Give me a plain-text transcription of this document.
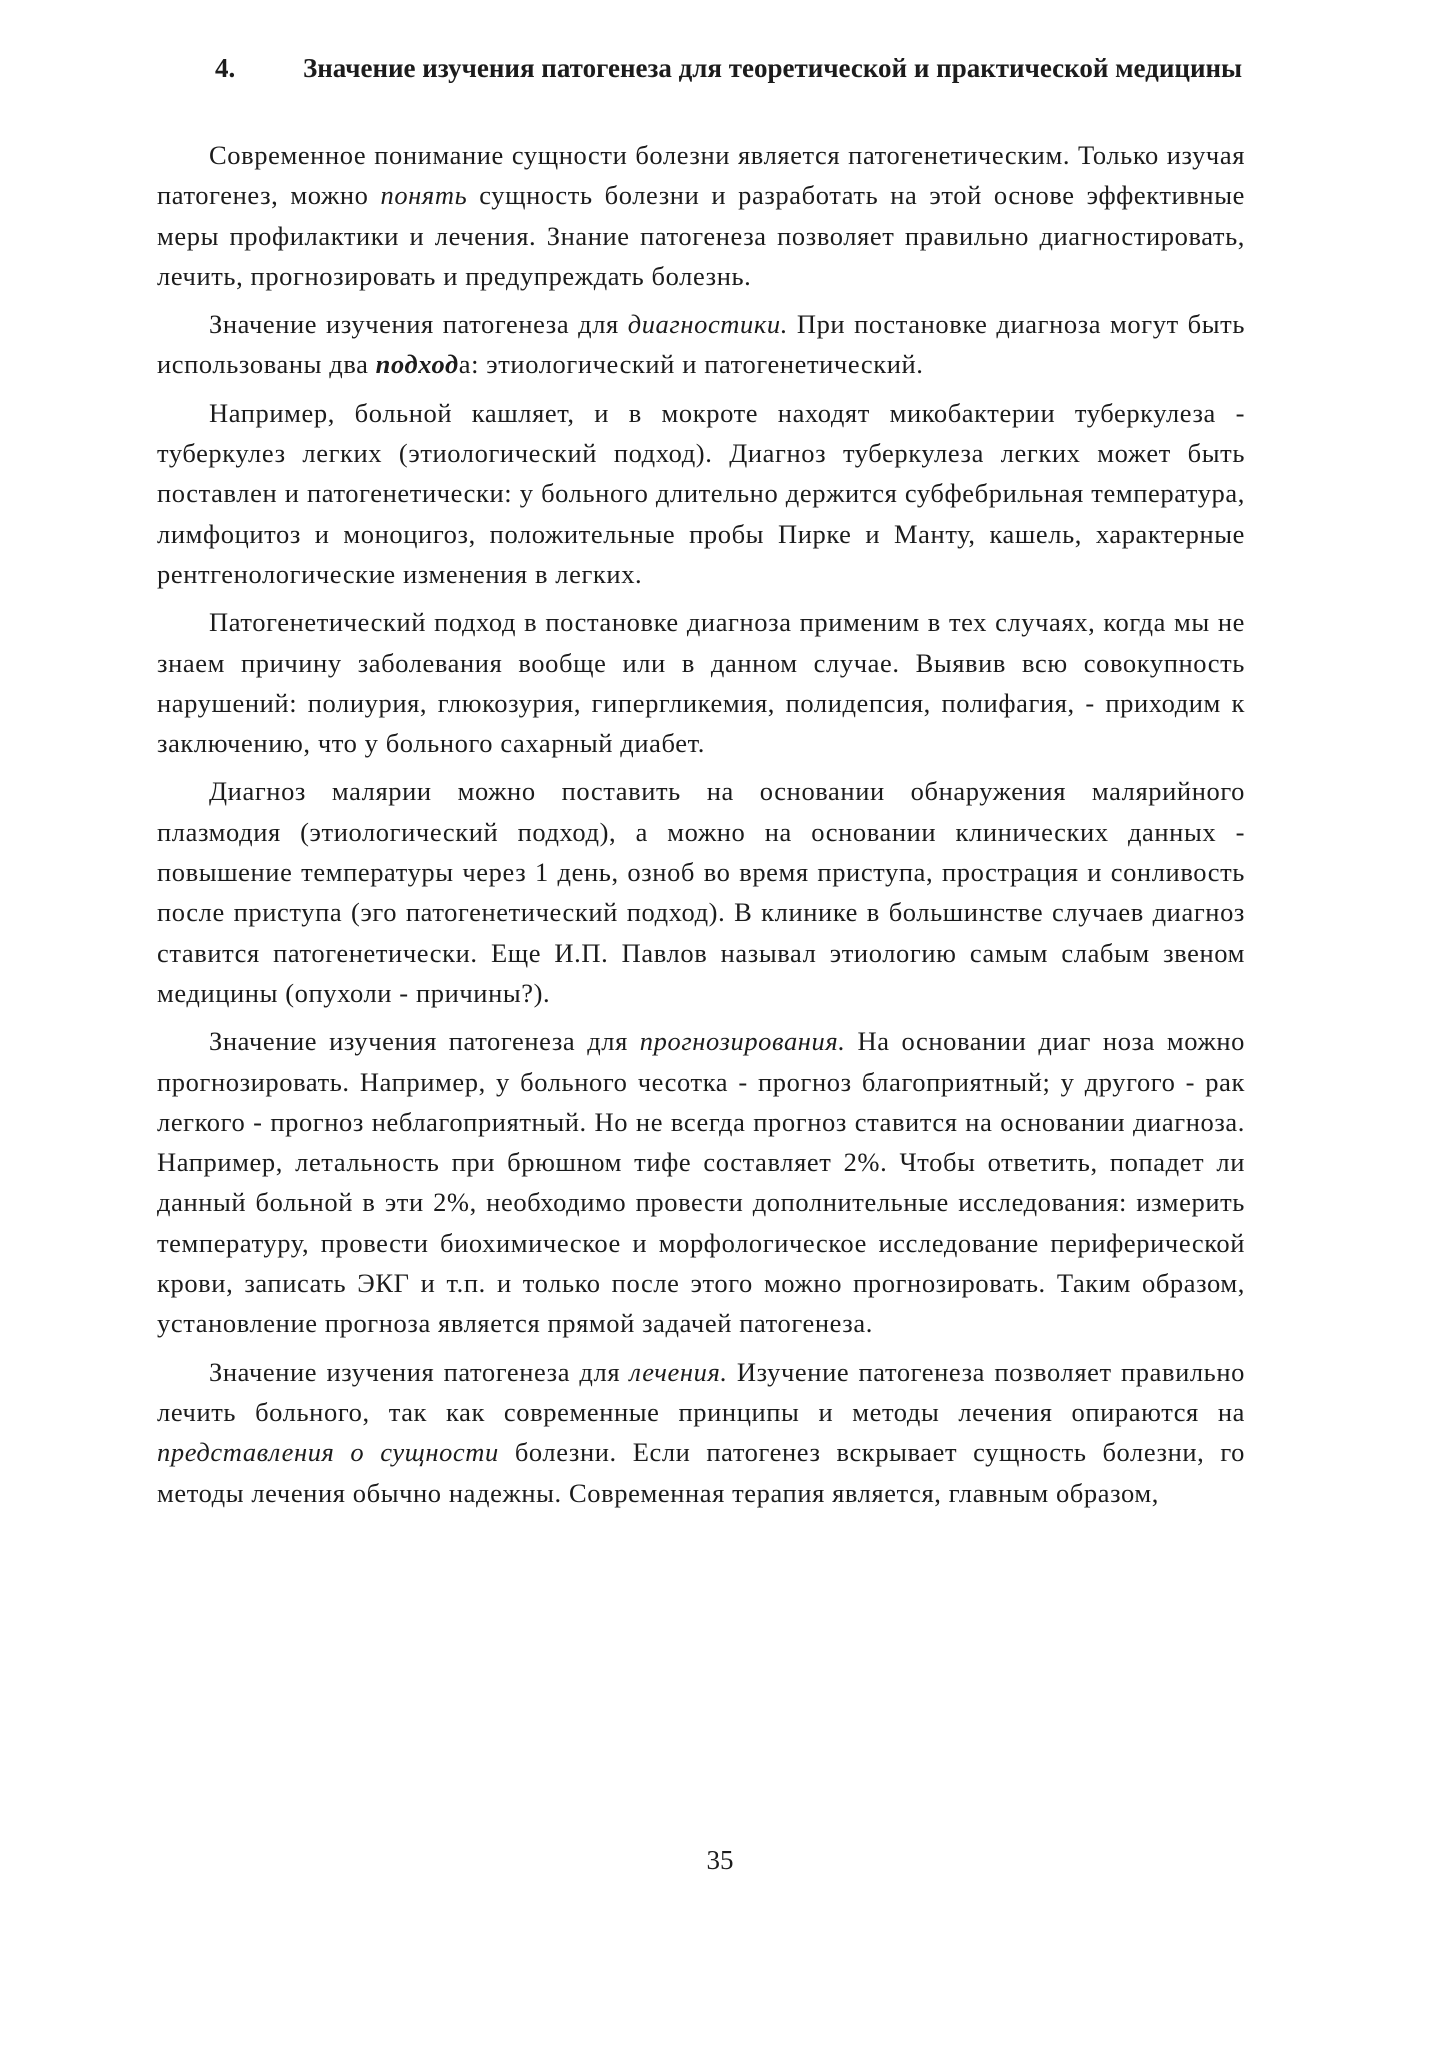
4.	Значение изучения патогенеза для теоретической и практической медицины

Современное понимание сущности болезни является патогенетическим. Только изучая патогенез, можно понять сущность болезни и разработать на этой основе эффективные меры профилактики и лечения. Знание патогенеза позволяет правильно диагностировать, лечить, прогнозировать и предупреждать болезнь.

Значение изучения патогенеза для диагностики. При постановке диагноза могут быть использованы два подхода: этиологический и патогенетический.

Например, больной кашляет, и в мокроте находят микобактерии туберкулеза - туберкулез легких (этиологический подход). Диагноз туберкулеза легких может быть поставлен и патогенетически: у больного длительно держится субфебрильная температура, лимфоцитоз и моноцигоз, положительные пробы Пирке и Манту, кашель, характерные рентгенологические изменения в легких.

Патогенетический подход в постановке диагноза применим в тех случаях, когда мы не знаем причину заболевания вообще или в данном случае. Выявив всю совокупность нарушений: полиурия, глюкозурия, гипергликемия, полидепсия, полифагия, - приходим к заключению, что у больного сахарный диабет.

Диагноз малярии можно поставить на основании обнаружения малярийного плазмодия (этиологический подход), а можно на основании клинических данных - повышение температуры через 1 день, озноб во время приступа, прострация и сонливость после приступа (эго патогенетический подход). В клинике в большинстве случаев диагноз ставится патогенетически. Еще И.П. Павлов называл этиологию самым слабым звеном медицины (опухоли - причины?).

Значение изучения патогенеза для прогнозирования. На основании диаг ноза можно прогнозировать. Например, у больного чесотка - прогноз благоприятный; у другого - рак легкого - прогноз неблагоприятный. Но не всегда прогноз ставится на основании диагноза. Например, летальность при брюшном тифе составляет 2%. Чтобы ответить, попадет ли данный больной в эти 2%, необходимо провести дополнительные исследования: измерить температуру, провести биохимическое и морфологическое исследование периферической крови, записать ЭКГ и т.п. и только после этого можно прогнозировать. Таким образом, установление прогноза является прямой задачей патогенеза.

Значение изучения патогенеза для лечения. Изучение патогенеза позволяет правильно лечить больного, так как современные принципы и методы лечения опираются на представления о сущности болезни. Если патогенез вскрывает сущность болезни, го методы лечения обычно надежны. Современная терапия является, главным образом,

35
